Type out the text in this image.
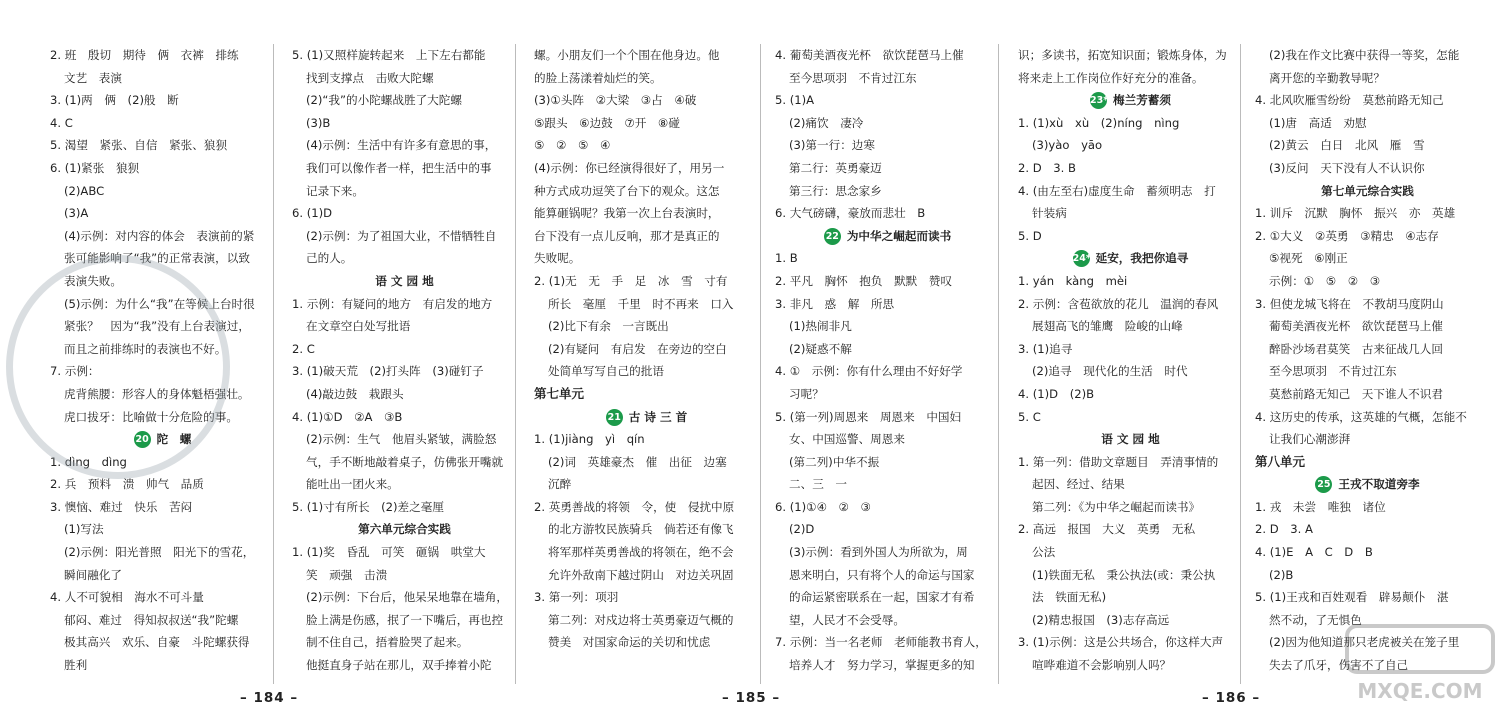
2. 班　殷切　期待　俩　衣裤　排练
文艺　表演
3. (1)两　俩　(2)般　断
4. C
5. 渴望　紧张、自信　紧张、狼狈
6. (1)紧张　狼狈
(2)ABC
(3)A
(4)示例：对内容的体会　表演前的紧
张可能影响了“我”的正常表演，以致
表演失败。
(5)示例：为什么“我”在等候上台时很
紧张？　因为“我”没有上台表演过，
而且之前排练时的表演也不好。
7. 示例：
虎背熊腰：形容人的身体魁梧强壮。
虎口拔牙：比喻做十分危险的事。
20 陀　螺
1. dìng　dìng
2. 兵　预料　溃　帅气　品质
3. 懊恼、难过　快乐　苦闷
(1)写法
(2)示例：阳光普照　阳光下的雪花，
瞬间融化了
4. 人不可貌相　海水不可斗量
郁闷、难过　得知叔叔送“我”陀螺
极其高兴　欢乐、自豪　斗陀螺获得
胜利
5. (1)又照样旋转起来　上下左右都能
找到支撑点　击败大陀螺
(2)“我”的小陀螺战胜了大陀螺
(3)B
(4)示例：生活中有许多有意思的事，
我们可以像作者一样，把生活中的事
记录下来。
6. (1)D
(2)示例：为了祖国大业，不惜牺牲自
己的人。
语 文 园 地
1. 示例：有疑问的地方　有启发的地方
在文章空白处写批语
2. C
3. (1)破天荒　(2)打头阵　(3)碰钉子
(4)敲边鼓　栽跟头
4. (1)①D　②A　③B
(2)示例：生气　他眉头紧皱，满脸怒
气，手不断地敲着桌子，仿佛张开嘴就
能吐出一团火来。
5. (1)寸有所长　(2)差之毫厘
第六单元综合实践
1. (1)奖　昏乱　可笑　砸锅　哄堂大
笑　顽强　击溃
(2)示例：下台后，他呆呆地靠在墙角，
脸上满是伤感，抿了一下嘴后，再也控
制不住自己，捂着脸哭了起来。
他挺直身子站在那儿，双手捧着小陀
螺。小朋友们一个个围在他身边。他
的脸上荡漾着灿烂的笑。
(3)①头阵　②大梁　③占　④破
⑤跟头　⑥边鼓　⑦开　⑧碰
⑤　②　⑤　④
(4)示例：你已经演得很好了，用另一
种方式成功逗笑了台下的观众。这怎
能算砸锅呢？我第一次上台表演时，
台下没有一点儿反响，那才是真正的
失败呢。
2. (1)无　无　手　足　冰　雪　寸有
所长　毫厘　千里　时不再来　口入
(2)比下有余　一言既出
(2)有疑问　有启发　在旁边的空白
处简单写写自己的批语
第七单元
21 古 诗 三 首
1. (1)jiàng　yì　qín
(2)词　英雄豪杰　催　出征　边塞
沉醉
2. 英勇善战的将领　令，使　侵扰中原
的北方游牧民族骑兵　倘若还有像飞
将军那样英勇善战的将领在，绝不会
允许外敌南下越过阴山　对边关巩固
3. 第一列：项羽
第二列：对戍边将士英勇豪迈气概的
赞美　对国家命运的关切和忧虑
4. 葡萄美酒夜光杯　欲饮琵琶马上催
至今思项羽　不肯过江东
5. (1)A
(2)痛饮　凄冷
(3)第一行：边寒
第二行：英勇豪迈
第三行：思念家乡
6. 大气磅礴，豪放而悲壮　B
22 为中华之崛起而读书
1. B
2. 平凡　胸怀　抱负　默默　赞叹
3. 非凡　惑　解　所思
(1)热闹非凡
(2)疑惑不解
4. ①　示例：你有什么理由不好好学
习呢？
5. (第一列)周恩来　周恩来　中国妇
女、中国巡警、周恩来
(第二列)中华不振
二、三　一
6. (1)①④　②　③
(2)D
(3)示例：看到外国人为所欲为，周
恩来明白，只有将个人的命运与国家
的命运紧密联系在一起，国家才有希
望，人民才不会受辱。
7. 示例：当一名老师　老师能教书育人，
培养人才　努力学习，掌握更多的知
识；多读书，拓宽知识面；锻炼身体，为
将来走上工作岗位作好充分的准备。
23* 梅兰芳蓄须
1. (1)xù　xù　(2)níng　nìng
(3)yào　yāo
2. D　3. B
4. (由左至右)虚度生命　蓄须明志　打
针装病
5. D
24* 延安，我把你追寻
1. yán　kàng　mèi
2. 示例：含苞欲放的花儿　温润的春风
展翅高飞的雏鹰　险峻的山峰
3. (1)追寻
(2)追寻　现代化的生活　时代
4. (1)D　(2)B
5. C
语 文 园 地
1. 第一列：借助文章题目　弄清事情的
起因、经过、结果
第二列：《为中华之崛起而读书》
2. 高远　报国　大义　英勇　无私
公法
(1)铁面无私　秉公执法(或：秉公执
法　铁面无私)
(2)精忠报国　(3)志存高远
3. (1)示例：这是公共场合，你这样大声
喧哗难道不会影响别人吗？
(2)我在作文比赛中获得一等奖，怎能
离开您的辛勤教导呢？
4. 北风吹雁雪纷纷　莫愁前路无知己
(1)唐　高适　劝慰
(2)黄云　白日　北风　雁　雪
(3)反问　天下没有人不认识你
第七单元综合实践
1. 训斥　沉默　胸怀　振兴　亦　英雄
2. ①大义　②英勇　③精忠　④志存
⑤视死　⑥刚正
示例：①　⑤　②　③
3. 但使龙城飞将在　不教胡马度阴山
葡萄美酒夜光杯　欲饮琵琶马上催
醉卧沙场君莫笑　古来征战几人回
至今思项羽　不肯过江东
莫愁前路无知己　天下谁人不识君
4. 这历史的传承，这英雄的气概，怎能不
让我们心潮澎湃
第八单元
25 王戎不取道旁李
1. 戎　未尝　唯独　诸位
2. D　3. A
4. (1)E　A　C　D　B
(2)B
5. (1)王戎和百姓观看　辟易颠仆　湛
然不动，了无惧色
(2)因为他知道那只老虎被关在笼子里
失去了爪牙，伤害不了自己
– 184 –	– 185 –	– 186 –	MXQE.COM
